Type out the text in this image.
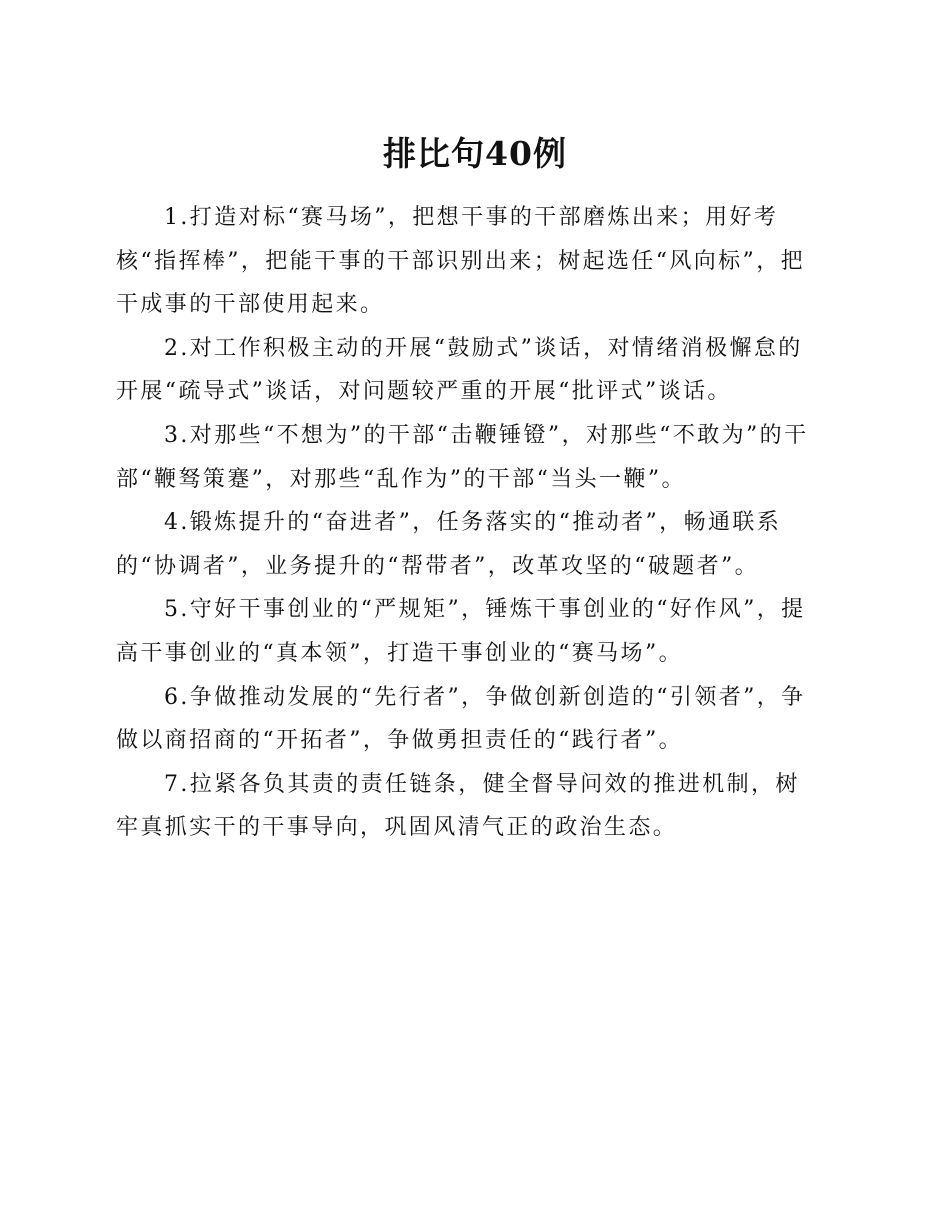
排比句40例

1.打造对标“赛马场”，把想干事的干部磨炼出来；用好考核“指挥棒”，把能干事的干部识别出来；树起选任“风向标”，把干成事的干部使用起来。

2.对工作积极主动的开展“鼓励式”谈话，对情绪消极懈怠的开展“疏导式”谈话，对问题较严重的开展“批评式”谈话。

3.对那些“不想为”的干部“击鞭锤镫”，对那些“不敢为”的干部“鞭驽策蹇”，对那些“乱作为”的干部“当头一鞭”。

4.锻炼提升的“奋进者”，任务落实的“推动者”，畅通联系的“协调者”，业务提升的“帮带者”，改革攻坚的“破题者”。

5.守好干事创业的“严规矩”，锤炼干事创业的“好作风”，提高干事创业的“真本领”，打造干事创业的“赛马场”。

6.争做推动发展的“先行者”，争做创新创造的“引领者”，争做以商招商的“开拓者”，争做勇担责任的“践行者”。

7.拉紧各负其责的责任链条，健全督导问效的推进机制，树牢真抓实干的干事导向，巩固风清气正的政治生态。
